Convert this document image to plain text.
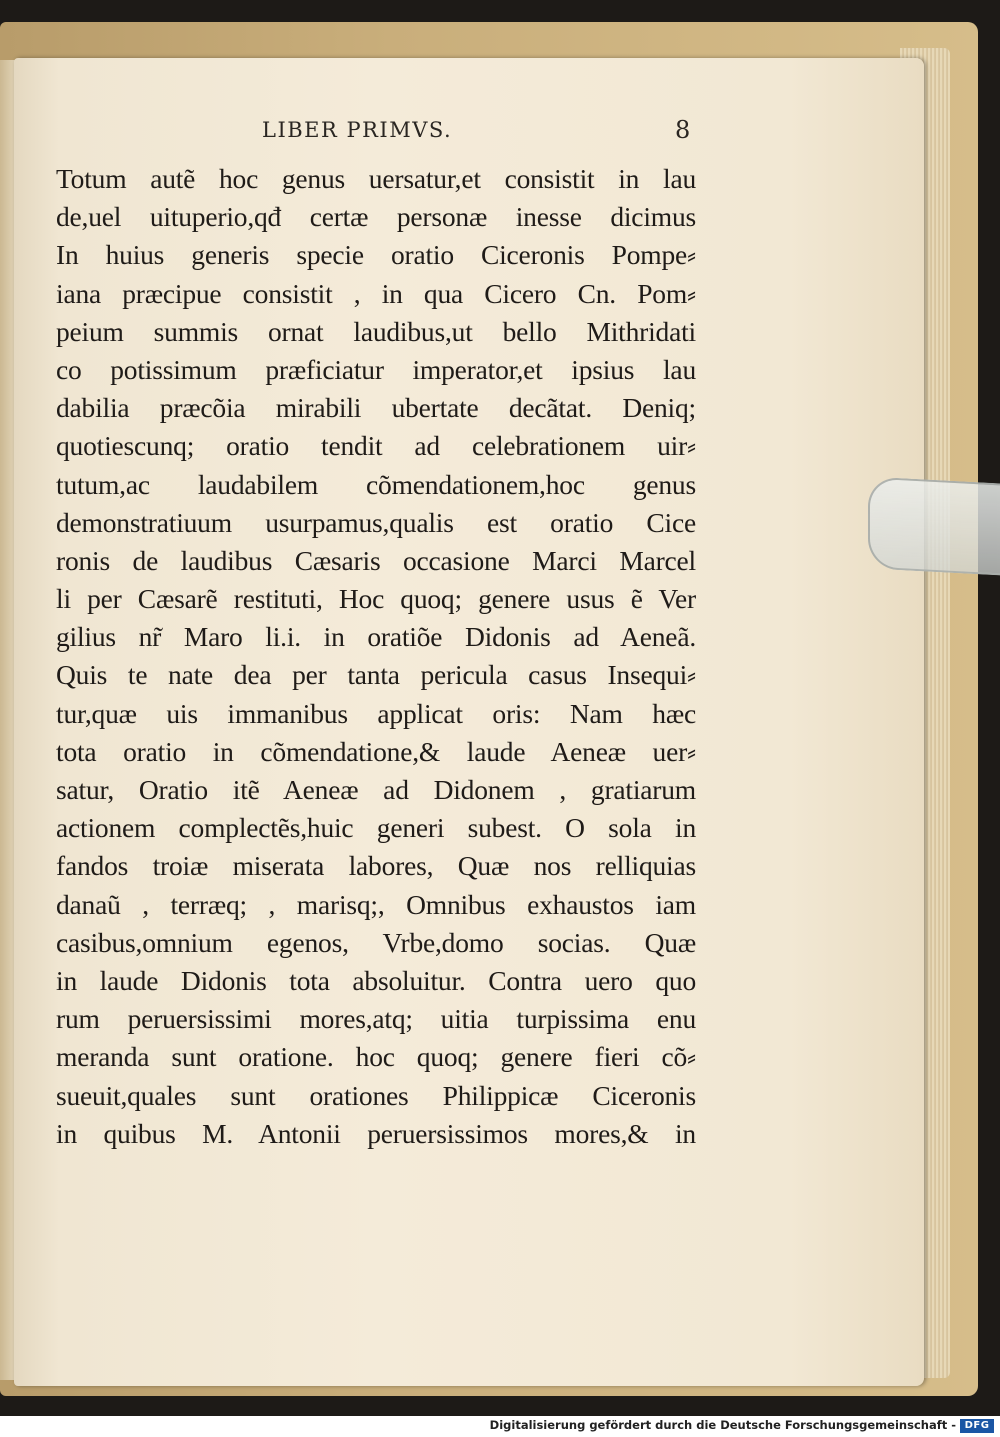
LIBER PRIMVS.	8
Totum autẽ hoc genus uersatur,et consistit in lau
de,uel uituperio,qđ certæ personæ inesse dicimus
In huius generis specie oratio Ciceronis Pompe⸗
iana præcipue consistit , in qua Cicero Cn. Pom⸗
peium summis ornat laudibus,ut bello Mithridati
co potissimum præficiatur imperator,et ipsius lau
dabilia præcõia mirabili ubertate decãtat. Deniq;
quotiescunq; oratio tendit ad celebrationem uir⸗
tutum,ac laudabilem cõmendationem,hoc genus
demonstratiuum usurpamus,qualis est oratio Cice
ronis de laudibus Cæsaris occasione Marci Marcel
li per Cæsarẽ restituti, Hoc quoq; genere usus ẽ Ver
gilius nr̃ Maro li.i. in oratiõe Didonis ad Aeneã.
Quis te nate dea per tanta pericula casus Insequi⸗
tur,quæ uis immanibus applicat oris: Nam hæc
tota oratio in cõmendatione,& laude Aeneæ uer⸗
satur, Oratio itẽ Aeneæ ad Didonem , gratiarum
actionem complectẽs,huic generi subest. O sola in
fandos troiæ miserata labores, Quæ nos relliquias
danaũ , terræq; , marisq;, Omnibus exhaustos iam
casibus,omnium egenos, Vrbe,domo socias. Quæ
in laude Didonis tota absoluitur. Contra uero quo
rum peruersissimi mores,atq; uitia turpissima enu
meranda sunt oratione. hoc quoq; genere fieri cõ⸗
sueuit,quales sunt orationes Philippicæ Ciceronis
in quibus M. Antonii peruersissimos mores,& in
Digitalisierung gefördert durch die Deutsche Forschungsgemeinschaft - DFG
